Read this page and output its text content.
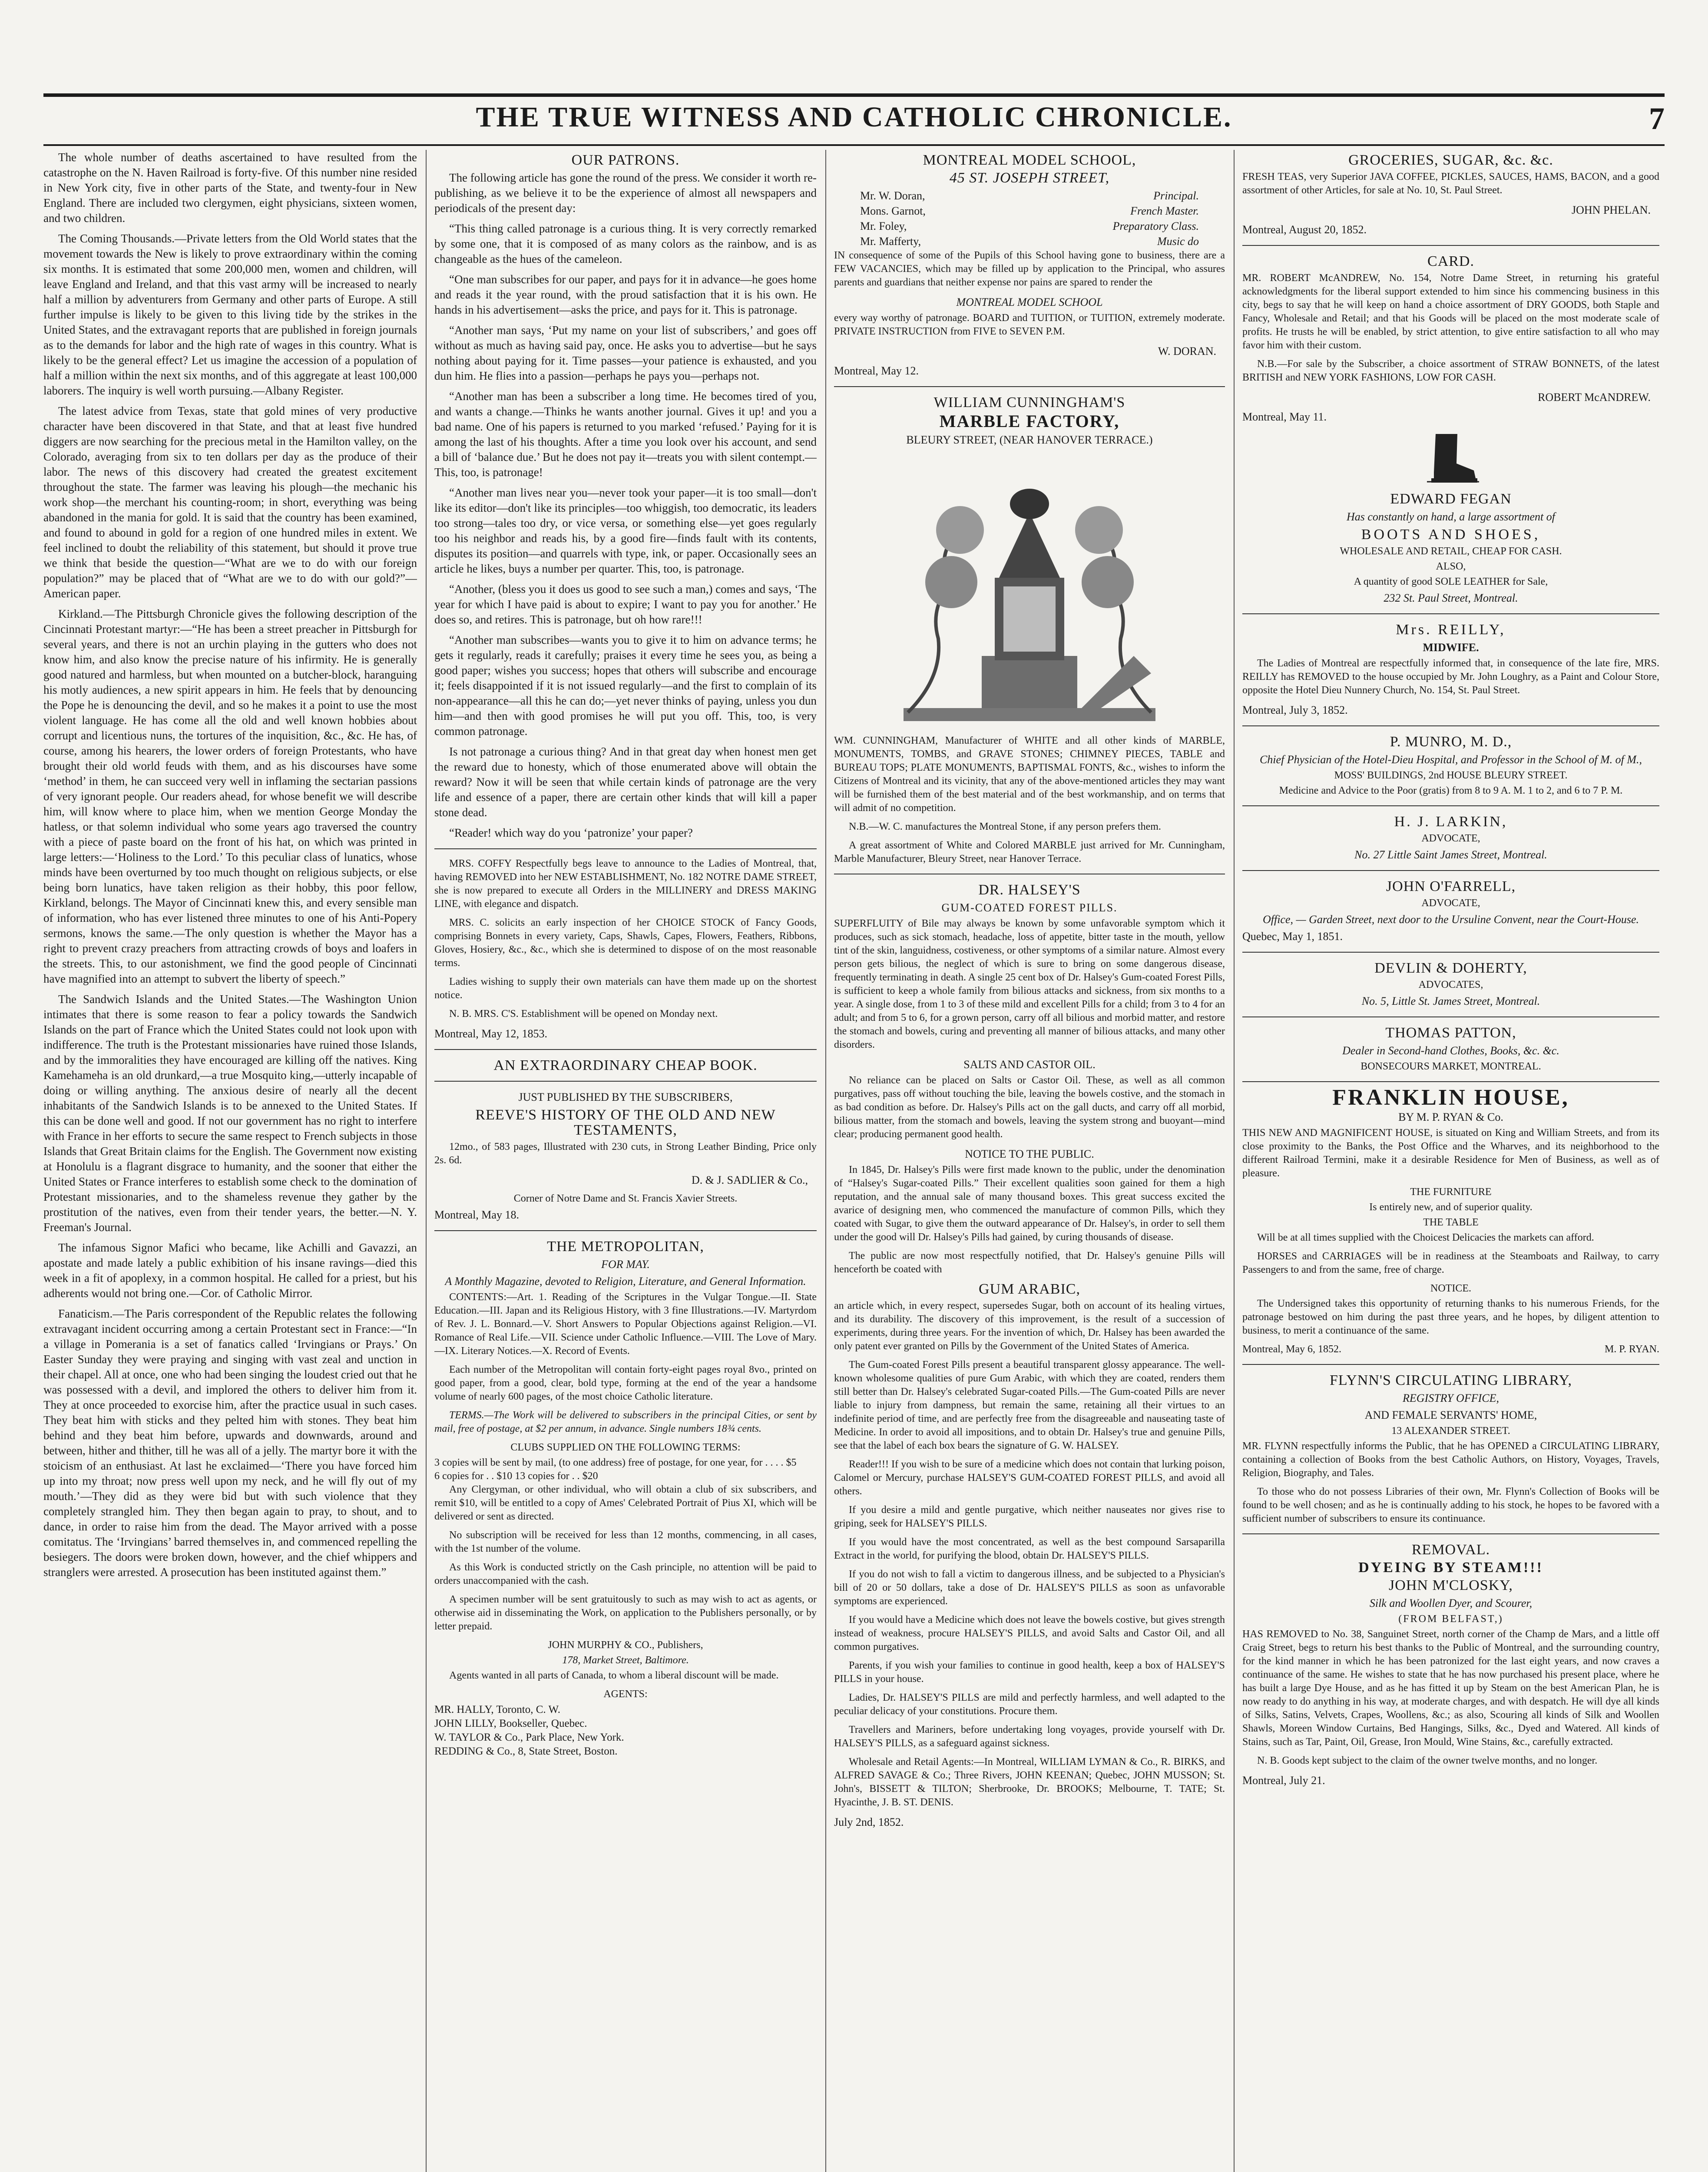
THE TRUE WITNESS AND CATHOLIC CHRONICLE.	7

The whole number of deaths ascertained to have resulted from the catastrophe on the N. Haven Railroad is forty-five. Of this number nine resided in New York city, five in other parts of the State, and twenty-four in New England. There are included two clergymen, eight physicians, sixteen women, and two children.

The Coming Thousands.—Private letters from the Old World states that the movement towards the New is likely to prove extraordinary within the coming six months. It is estimated that some 200,000 men, women and children, will leave England and Ireland, and that this vast army will be increased to nearly half a million by adventurers from Germany and other parts of Europe. A still further impulse is likely to be given to this living tide by the strikes in the United States, and the extravagant reports that are published in foreign journals as to the demands for labor and the high rate of wages in this country. What is likely to be the general effect? Let us imagine the accession of a population of half a million within the next six months, and of this aggregate at least 100,000 laborers. The inquiry is well worth pursuing.—Albany Register.

The latest advice from Texas, state that gold mines of very productive character have been discovered in that State, and that at least five hundred diggers are now searching for the precious metal in the Hamilton valley, on the Colorado, averaging from six to ten dollars per day as the produce of their labor. The news of this discovery had created the greatest excitement throughout the state. The farmer was leaving his plough—the mechanic his work shop—the merchant his counting-room; in short, everything was being abandoned in the mania for gold. It is said that the country has been examined, and found to abound in gold for a region of one hundred miles in extent. We feel inclined to doubt the reliability of this statement, but should it prove true we think that beside the question—“What are we to do with our foreign population?” may be placed that of “What are we to do with our gold?”—American paper.

Kirkland.—The Pittsburgh Chronicle gives the following description of the Cincinnati Protestant martyr:—“He has been a street preacher in Pittsburgh for several years, and there is not an urchin playing in the gutters who does not know him, and also know the precise nature of his infirmity. He is generally good natured and harmless, but when mounted on a butcher-block, haranguing his motly audiences, a new spirit appears in him. He feels that by denouncing the Pope he is denouncing the devil, and so he makes it a point to use the most violent language. He has come all the old and well known hobbies about corrupt and licentious nuns, the tortures of the inquisition, &c., &c. He has, of course, among his hearers, the lower orders of foreign Protestants, who have brought their old world feuds with them, and as his discourses have some ‘method’ in them, he can succeed very well in inflaming the sectarian passions of very ignorant people. Our readers ahead, for whose benefit we will describe him, will know where to place him, when we mention George Monday the hatless, or that solemn individual who some years ago traversed the country with a piece of paste board on the front of his hat, on which was printed in large letters:—‘Holiness to the Lord.’ To this peculiar class of lunatics, whose minds have been overturned by too much thought on religious subjects, or else being born lunatics, have taken religion as their hobby, this poor fellow, Kirkland, belongs. The Mayor of Cincinnati knew this, and every sensible man of information, who has ever listened three minutes to one of his Anti-Popery sermons, knows the same.—The only question is whether the Mayor has a right to prevent crazy preachers from attracting crowds of boys and loafers in the streets. This, to our astonishment, we find the good people of Cincinnati have magnified into an attempt to subvert the liberty of speech.”

The Sandwich Islands and the United States.—The Washington Union intimates that there is some reason to fear a policy towards the Sandwich Islands on the part of France which the United States could not look upon with indifference. The truth is the Protestant missionaries have ruined those Islands, and by the immoralities they have encouraged are killing off the natives. King Kamehameha is an old drunkard,—a true Mosquito king,—utterly incapable of doing or willing anything. The anxious desire of nearly all the decent inhabitants of the Sandwich Islands is to be annexed to the United States. If this can be done well and good. If not our government has no right to interfere with France in her efforts to secure the same respect to French subjects in those Islands that Great Britain claims for the English. The Government now existing at Honolulu is a flagrant disgrace to humanity, and the sooner that either the United States or France interferes to establish some check to the domination of Protestant missionaries, and to the shameless revenue they gather by the prostitution of the natives, even from their tender years, the better.—N. Y. Freeman's Journal.

The infamous Signor Mafici who became, like Achilli and Gavazzi, an apostate and made lately a public exhibition of his insane ravings—died this week in a fit of apoplexy, in a common hospital. He called for a priest, but his adherents would not bring one.—Cor. of Catholic Mirror.

Fanaticism.—The Paris correspondent of the Republic relates the following extravagant incident occurring among a certain Protestant sect in France:—“In a village in Pomerania is a set of fanatics called ‘Irvingians or Prays.’ On Easter Sunday they were praying and singing with vast zeal and unction in their chapel. All at once, one who had been singing the loudest cried out that he was possessed with a devil, and implored the others to deliver him from it. They at once proceeded to exorcise him, after the practice usual in such cases. They beat him with sticks and they pelted him with stones. They beat him behind and they beat him before, upwards and downwards, around and between, hither and thither, till he was all of a jelly. The martyr bore it with the stoicism of an enthusiast. At last he exclaimed—‘There you have forced him up into my throat; now press well upon my neck, and he will fly out of my mouth.’—They did as they were bid but with such violence that they completely strangled him. They then began again to pray, to shout, and to dance, in order to raise him from the dead. The Mayor arrived with a posse comitatus. The ‘Irvingians’ barred themselves in, and commenced repelling the besiegers. The doors were broken down, however, and the chief whippers and stranglers were arrested. A prosecution has been instituted against them.”

OUR PATRONS.

The following article has gone the round of the press. We consider it worth re-publishing, as we believe it to be the experience of almost all newspapers and periodicals of the present day:

“This thing called patronage is a curious thing. It is very correctly remarked by some one, that it is composed of as many colors as the rainbow, and is as changeable as the hues of the cameleon.

“One man subscribes for our paper, and pays for it in advance—he goes home and reads it the year round, with the proud satisfaction that it is his own. He hands in his advertisement—asks the price, and pays for it. This is patronage.

“Another man says, ‘Put my name on your list of subscribers,’ and goes off without as much as having said pay, once. He asks you to advertise—but he says nothing about paying for it. Time passes—your patience is exhausted, and you dun him. He flies into a passion—perhaps he pays you—perhaps not.

“Another man has been a subscriber a long time. He becomes tired of you, and wants a change.—Thinks he wants another journal. Gives it up! and you a bad name. One of his papers is returned to you marked ‘refused.’ Paying for it is among the last of his thoughts. After a time you look over his account, and send a bill of ‘balance due.’ But he does not pay it—treats you with silent contempt.—This, too, is patronage!

“Another man lives near you—never took your paper—it is too small—don't like its editor—don't like its principles—too whiggish, too democratic, its leaders too strong—tales too dry, or vice versa, or something else—yet goes regularly too his neighbor and reads his, by a good fire—finds fault with its contents, disputes its position—and quarrels with type, ink, or paper. Occasionally sees an article he likes, buys a number per quarter. This, too, is patronage.

“Another, (bless you it does us good to see such a man,) comes and says, ‘The year for which I have paid is about to expire; I want to pay you for another.’ He does so, and retires. This is patronage, but oh how rare!!!

“Another man subscribes—wants you to give it to him on advance terms; he gets it regularly, reads it carefully; praises it every time he sees you, as being a good paper; wishes you success; hopes that others will subscribe and encourage it; feels disappointed if it is not issued regularly—and the first to complain of its non-appearance—all this he can do;—yet never thinks of paying, unless you dun him—and then with good promises he will put you off. This, too, is very common patronage.

Is not patronage a curious thing? And in that great day when honest men get the reward due to honesty, which of those enumerated above will obtain the reward? Now it will be seen that while certain kinds of patronage are the very life and essence of a paper, there are certain other kinds that will kill a paper stone dead.

“Reader! which way do you ‘patronize’ your paper?

MRS. COFFY Respectfully begs leave to announce to the Ladies of Montreal, that, having REMOVED into her NEW ESTABLISHMENT, No. 182 NOTRE DAME STREET, she is now prepared to execute all Orders in the MILLINERY and DRESS MAKING LINE, with elegance and dispatch.

MRS. C. solicits an early inspection of her CHOICE STOCK of Fancy Goods, comprising Bonnets in every variety, Caps, Shawls, Capes, Flowers, Feathers, Ribbons, Gloves, Hosiery, &c., &c., which she is determined to dispose of on the most reasonable terms.

Ladies wishing to supply their own materials can have them made up on the shortest notice.

N. B. MRS. C'S. Establishment will be opened on Monday next.

Montreal, May 12, 1853.
AN EXTRAORDINARY CHEAP BOOK.
JUST PUBLISHED BY THE SUBSCRIBERS,
REEVE'S HISTORY OF THE OLD AND NEW TESTAMENTS,

12mo., of 583 pages, Illustrated with 230 cuts, in Strong Leather Binding, Price only 2s. 6d.

D. & J. SADLIER & Co.,
Corner of Notre Dame and St. Francis Xavier Streets.
Montreal, May 18.
THE METROPOLITAN,
FOR MAY.
A Monthly Magazine, devoted to Religion, Literature, and General Information.

CONTENTS:—Art. 1. Reading of the Scriptures in the Vulgar Tongue.—II. State Education.—III. Japan and its Religious History, with 3 fine Illustrations.—IV. Martyrdom of Rev. J. L. Bonnard.—V. Short Answers to Popular Objections against Religion.—VI. Romance of Real Life.—VII. Science under Catholic Influence.—VIII. The Love of Mary.—IX. Literary Notices.—X. Record of Events.

Each number of the Metropolitan will contain forty-eight pages royal 8vo., printed on good paper, from a good, clear, bold type, forming at the end of the year a handsome volume of nearly 600 pages, of the most choice Catholic literature.

TERMS.—The Work will be delivered to subscribers in the principal Cities, or sent by mail, free of postage, at $2 per annum, in advance. Single numbers 18¾ cents.

CLUBS SUPPLIED ON THE FOLLOWING TERMS:
3 copies will be sent by mail, (to one address) free of postage, for one year, for . . . . $5
6 copies for . . $10 13 copies for . . $20

Any Clergyman, or other individual, who will obtain a club of six subscribers, and remit $10, will be entitled to a copy of Ames' Celebrated Portrait of Pius XI, which will be delivered or sent as directed.

No subscription will be received for less than 12 months, commencing, in all cases, with the 1st number of the volume.

As this Work is conducted strictly on the Cash principle, no attention will be paid to orders unaccompanied with the cash.

A specimen number will be sent gratuitously to such as may wish to act as agents, or otherwise aid in disseminating the Work, on application to the Publishers personally, or by letter prepaid.

JOHN MURPHY & CO., Publishers,
178, Market Street, Baltimore.

Agents wanted in all parts of Canada, to whom a liberal discount will be made.

AGENTS:
MR. HALLY, Toronto, C. W.
JOHN LILLY, Bookseller, Quebec.
W. TAYLOR & Co., Park Place, New York.
REDDING & Co., 8, State Street, Boston.
MONTREAL MODEL SCHOOL,
45 ST. JOSEPH STREET,
Mr. W. Doran,	Principal.
Mons. Garnot,	French Master.
Mr. Foley,	Preparatory Class.
Mr. Mafferty,	Music do

IN consequence of some of the Pupils of this School having gone to business, there are a FEW VACANCIES, which may be filled up by application to the Principal, who assures parents and guardians that neither expense nor pains are spared to render the

MONTREAL MODEL SCHOOL

every way worthy of patronage. BOARD and TUITION, or TUITION, extremely moderate. PRIVATE INSTRUCTION from FIVE to SEVEN P.M.

W. DORAN.
Montreal, May 12.
WILLIAM CUNNINGHAM'S
MARBLE FACTORY,
BLEURY STREET, (NEAR HANOVER TERRACE.)

WM. CUNNINGHAM, Manufacturer of WHITE and all other kinds of MARBLE, MONUMENTS, TOMBS, and GRAVE STONES; CHIMNEY PIECES, TABLE and BUREAU TOPS; PLATE MONUMENTS, BAPTISMAL FONTS, &c., wishes to inform the Citizens of Montreal and its vicinity, that any of the above-mentioned articles they may want will be furnished them of the best material and of the best workmanship, and on terms that will admit of no competition.

N.B.—W. C. manufactures the Montreal Stone, if any person prefers them.

A great assortment of White and Colored MARBLE just arrived for Mr. Cunningham, Marble Manufacturer, Bleury Street, near Hanover Terrace.

DR. HALSEY'S
GUM-COATED FOREST PILLS.

SUPERFLUITY of Bile may always be known by some unfavorable symptom which it produces, such as sick stomach, headache, loss of appetite, bitter taste in the mouth, yellow tint of the skin, languidness, costiveness, or other symptoms of a similar nature. Almost every person gets bilious, the neglect of which is sure to bring on some dangerous disease, frequently terminating in death. A single 25 cent box of Dr. Halsey's Gum-coated Forest Pills, is sufficient to keep a whole family from bilious attacks and sickness, from six months to a year. A single dose, from 1 to 3 of these mild and excellent Pills for a child; from 3 to 4 for an adult; and from 5 to 6, for a grown person, carry off all bilious and morbid matter, and restore the stomach and bowels, curing and preventing all manner of bilious attacks, and many other disorders.

SALTS AND CASTOR OIL.

No reliance can be placed on Salts or Castor Oil. These, as well as all common purgatives, pass off without touching the bile, leaving the bowels costive, and the stomach in as bad condition as before. Dr. Halsey's Pills act on the gall ducts, and carry off all morbid, bilious matter, from the stomach and bowels, leaving the system strong and buoyant—mind clear; producing permanent good health.

NOTICE TO THE PUBLIC.

In 1845, Dr. Halsey's Pills were first made known to the public, under the denomination of “Halsey's Sugar-coated Pills.” Their excellent qualities soon gained for them a high reputation, and the annual sale of many thousand boxes. This great success excited the avarice of designing men, who commenced the manufacture of common Pills, which they coated with Sugar, to give them the outward appearance of Dr. Halsey's, in order to sell them under the good will Dr. Halsey's Pills had gained, by curing thousands of disease.

The public are now most respectfully notified, that Dr. Halsey's genuine Pills will henceforth be coated with

GUM ARABIC,

an article which, in every respect, supersedes Sugar, both on account of its healing virtues, and its durability. The discovery of this improvement, is the result of a succession of experiments, during three years. For the invention of which, Dr. Halsey has been awarded the only patent ever granted on Pills by the Government of the United States of America.

The Gum-coated Forest Pills present a beautiful transparent glossy appearance. The well-known wholesome qualities of pure Gum Arabic, with which they are coated, renders them still better than Dr. Halsey's celebrated Sugar-coated Pills.—The Gum-coated Pills are never liable to injury from dampness, but remain the same, retaining all their virtues to an indefinite period of time, and are perfectly free from the disagreeable and nauseating taste of Medicine. In order to avoid all impositions, and to obtain Dr. Halsey's true and genuine Pills, see that the label of each box bears the signature of G. W. HALSEY.

Reader!!! If you wish to be sure of a medicine which does not contain that lurking poison, Calomel or Mercury, purchase HALSEY'S GUM-COATED FOREST PILLS, and avoid all others.

If you desire a mild and gentle purgative, which neither nauseates nor gives rise to griping, seek for HALSEY'S PILLS.

If you would have the most concentrated, as well as the best compound Sarsaparilla Extract in the world, for purifying the blood, obtain Dr. HALSEY'S PILLS.

If you do not wish to fall a victim to dangerous illness, and be subjected to a Physician's bill of 20 or 50 dollars, take a dose of Dr. HALSEY'S PILLS as soon as unfavorable symptoms are experienced.

If you would have a Medicine which does not leave the bowels costive, but gives strength instead of weakness, procure HALSEY'S PILLS, and avoid Salts and Castor Oil, and all common purgatives.

Parents, if you wish your families to continue in good health, keep a box of HALSEY'S PILLS in your house.

Ladies, Dr. HALSEY'S PILLS are mild and perfectly harmless, and well adapted to the peculiar delicacy of your constitutions. Procure them.

Travellers and Mariners, before undertaking long voyages, provide yourself with Dr. HALSEY'S PILLS, as a safeguard against sickness.

Wholesale and Retail Agents:—In Montreal, WILLIAM LYMAN & Co., R. BIRKS, and ALFRED SAVAGE & Co.; Three Rivers, JOHN KEENAN; Quebec, JOHN MUSSON; St. John's, BISSETT & TILTON; Sherbrooke, Dr. BROOKS; Melbourne, T. TATE; St. Hyacinthe, J. B. ST. DENIS.

July 2nd, 1852.
GROCERIES, SUGAR, &c. &c.

FRESH TEAS, very Superior JAVA COFFEE, PICKLES, SAUCES, HAMS, BACON, and a good assortment of other Articles, for sale at No. 10, St. Paul Street.

JOHN PHELAN.
Montreal, August 20, 1852.
CARD.

MR. ROBERT McANDREW, No. 154, Notre Dame Street, in returning his grateful acknowledgments for the liberal support extended to him since his commencing business in this city, begs to say that he will keep on hand a choice assortment of DRY GOODS, both Staple and Fancy, Wholesale and Retail; and that his Goods will be placed on the most moderate scale of profits. He trusts he will be enabled, by strict attention, to give entire satisfaction to all who may favor him with their custom.

N.B.—For sale by the Subscriber, a choice assortment of STRAW BONNETS, of the latest BRITISH and NEW YORK FASHIONS, LOW FOR CASH.

ROBERT McANDREW.
Montreal, May 11.
EDWARD FEGAN
Has constantly on hand, a large assortment of
BOOTS AND SHOES,
WHOLESALE AND RETAIL, CHEAP FOR CASH.
ALSO,
A quantity of good SOLE LEATHER for Sale,
232 St. Paul Street, Montreal.
Mrs. REILLY,
MIDWIFE.

The Ladies of Montreal are respectfully informed that, in consequence of the late fire, MRS. REILLY has REMOVED to the house occupied by Mr. John Loughry, as a Paint and Colour Store, opposite the Hotel Dieu Nunnery Church, No. 154, St. Paul Street.

Montreal, July 3, 1852.
P. MUNRO, M. D.,
Chief Physician of the Hotel-Dieu Hospital, and Professor in the School of M. of M.,
MOSS' BUILDINGS, 2nd HOUSE BLEURY STREET.
Medicine and Advice to the Poor (gratis) from 8 to 9 A. M. 1 to 2, and 6 to 7 P. M.
H. J. LARKIN,
ADVOCATE,
No. 27 Little Saint James Street, Montreal.
JOHN O'FARRELL,
ADVOCATE,
Office, — Garden Street, next door to the Ursuline Convent, near the Court-House.
Quebec, May 1, 1851.
DEVLIN & DOHERTY,
ADVOCATES,
No. 5, Little St. James Street, Montreal.
THOMAS PATTON,
Dealer in Second-hand Clothes, Books, &c. &c.
BONSECOURS MARKET, MONTREAL.
FRANKLIN HOUSE,
BY M. P. RYAN & Co.

THIS NEW AND MAGNIFICENT HOUSE, is situated on King and William Streets, and from its close proximity to the Banks, the Post Office and the Wharves, and its neighborhood to the different Railroad Termini, make it a desirable Residence for Men of Business, as well as of pleasure.

THE FURNITURE
Is entirely new, and of superior quality.
THE TABLE

Will be at all times supplied with the Choicest Delicacies the markets can afford.

HORSES and CARRIAGES will be in readiness at the Steamboats and Railway, to carry Passengers to and from the same, free of charge.

NOTICE.

The Undersigned takes this opportunity of returning thanks to his numerous Friends, for the patronage bestowed on him during the past three years, and he hopes, by diligent attention to business, to merit a continuance of the same.

Montreal, May 6, 1852.	M. P. RYAN.
FLYNN'S CIRCULATING LIBRARY,
REGISTRY OFFICE,
AND FEMALE SERVANTS' HOME,
13 ALEXANDER STREET.

MR. FLYNN respectfully informs the Public, that he has OPENED a CIRCULATING LIBRARY, containing a collection of Books from the best Catholic Authors, on History, Voyages, Travels, Religion, Biography, and Tales.

To those who do not possess Libraries of their own, Mr. Flynn's Collection of Books will be found to be well chosen; and as he is continually adding to his stock, he hopes to be favored with a sufficient number of subscribers to ensure its continuance.

REMOVAL.
DYEING BY STEAM!!!
JOHN M'CLOSKY,
Silk and Woollen Dyer, and Scourer,
(FROM BELFAST,)

HAS REMOVED to No. 38, Sanguinet Street, north corner of the Champ de Mars, and a little off Craig Street, begs to return his best thanks to the Public of Montreal, and the surrounding country, for the kind manner in which he has been patronized for the last eight years, and now craves a continuance of the same. He wishes to state that he has now purchased his present place, where he has built a large Dye House, and as he has fitted it up by Steam on the best American Plan, he is now ready to do anything in his way, at moderate charges, and with despatch. He will dye all kinds of Silks, Satins, Velvets, Crapes, Woollens, &c.; as also, Scouring all kinds of Silk and Woollen Shawls, Moreen Window Curtains, Bed Hangings, Silks, &c., Dyed and Watered. All kinds of Stains, such as Tar, Paint, Oil, Grease, Iron Mould, Wine Stains, &c., carefully extracted.

N. B. Goods kept subject to the claim of the owner twelve months, and no longer.

Montreal, July 21.
